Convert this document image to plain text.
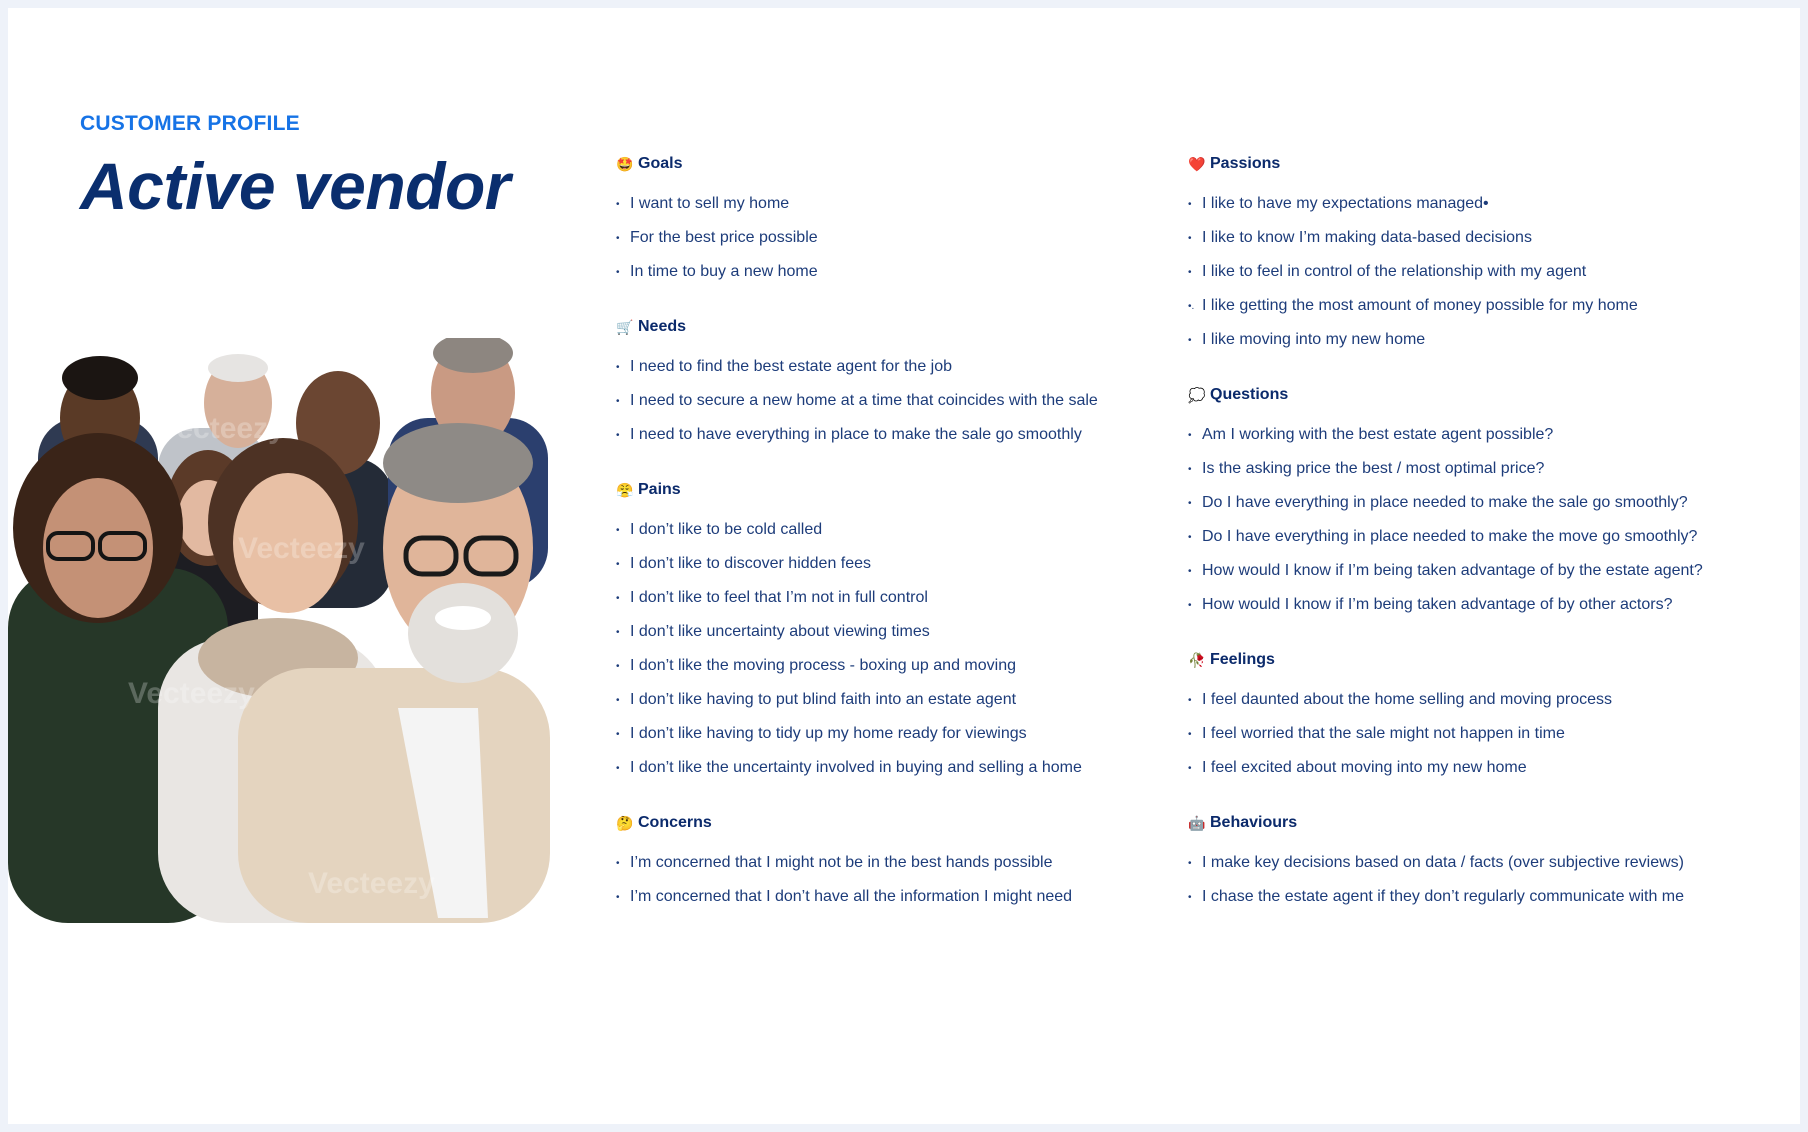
CUSTOMER PROFILE
Active vendor
Vecteezy
Vecteezy
Vecteezy
Vecteezy
🤩 Goals
• I want to sell my home
• For the best price possible
• In time to buy a new home
🛒 Needs
• I need to find the best estate agent for the job
• I need to secure a new home at a time that coincides with the sale
• I need to have everything in place to make the sale go smoothly
😤 Pains
• I don’t like to be cold called
• I don’t like to discover hidden fees
• I don’t like to feel that I’m not in full control
• I don’t like uncertainty about viewing times
• I don’t like the moving process - boxing up and moving
• I don’t like having to put blind faith into an estate agent
• I don’t like having to tidy up my home ready for viewings
• I don’t like the uncertainty involved in buying and selling a home
🤔 Concerns
• I’m concerned that I might not be in the best hands possible
• I’m concerned that I don’t have all the information I might need
❤️ Passions
• I like to have my expectations managed•
• I like to know I’m making data-based decisions
• I like to feel in control of the relationship with my agent
•. I like getting the most amount of money possible for my home
• I like moving into my new home
💭 Questions
• Am I working with the best estate agent possible?
• Is the asking price the best / most optimal price?
• Do I have everything in place needed to make the sale go smoothly?
• Do I have everything in place needed to make the move go smoothly?
• How would I know if I’m being taken advantage of by the estate agent?
• How would I know if I’m being taken advantage of by other actors?
🥀 Feelings
• I feel daunted about the home selling and moving process
• I feel worried that the sale might not happen in time
• I feel excited about moving into my new home
🤖 Behaviours
• I make key decisions based on data / facts (over subjective reviews)
• I chase the estate agent if they don’t regularly communicate with me
